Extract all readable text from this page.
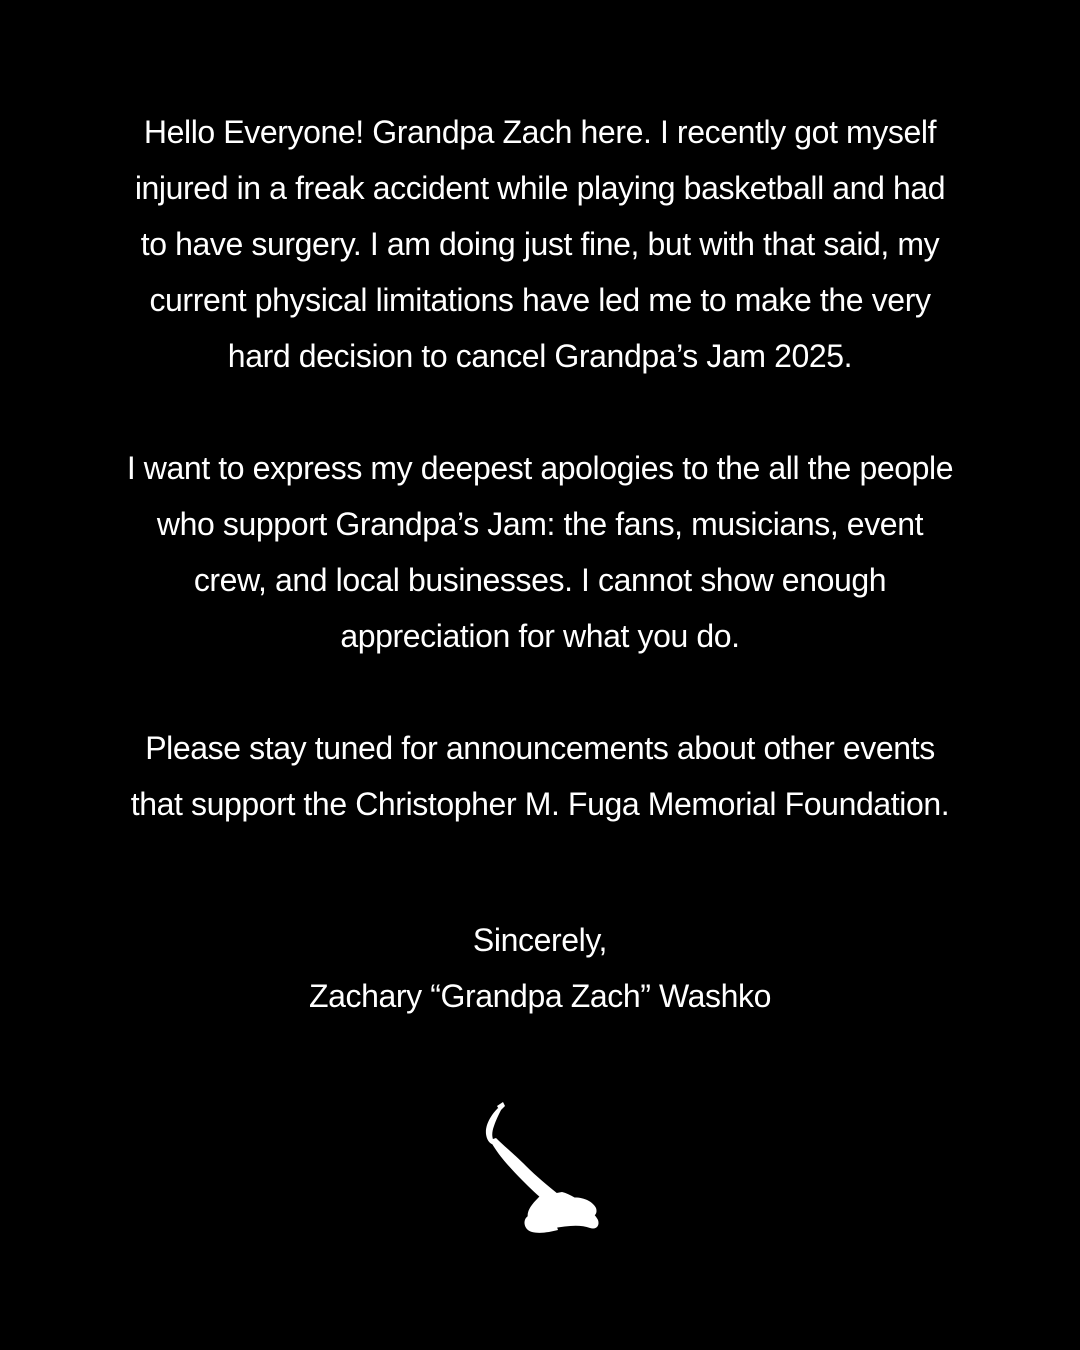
Hello Everyone! Grandpa Zach here. I recently got myself
injured in a freak accident while playing basketball and had
to have surgery. I am doing just fine, but with that said, my
current physical limitations have led me to make the very
hard decision to cancel Grandpa’s Jam 2025.

I want to express my deepest apologies to the all the people
who support Grandpa’s Jam: the fans, musicians, event
crew, and local businesses. I cannot show enough
appreciation for what you do.

Please stay tuned for announcements about other events
that support the Christopher M. Fuga Memorial Foundation.

Sincerely,
Zachary “Grandpa Zach” Washko
